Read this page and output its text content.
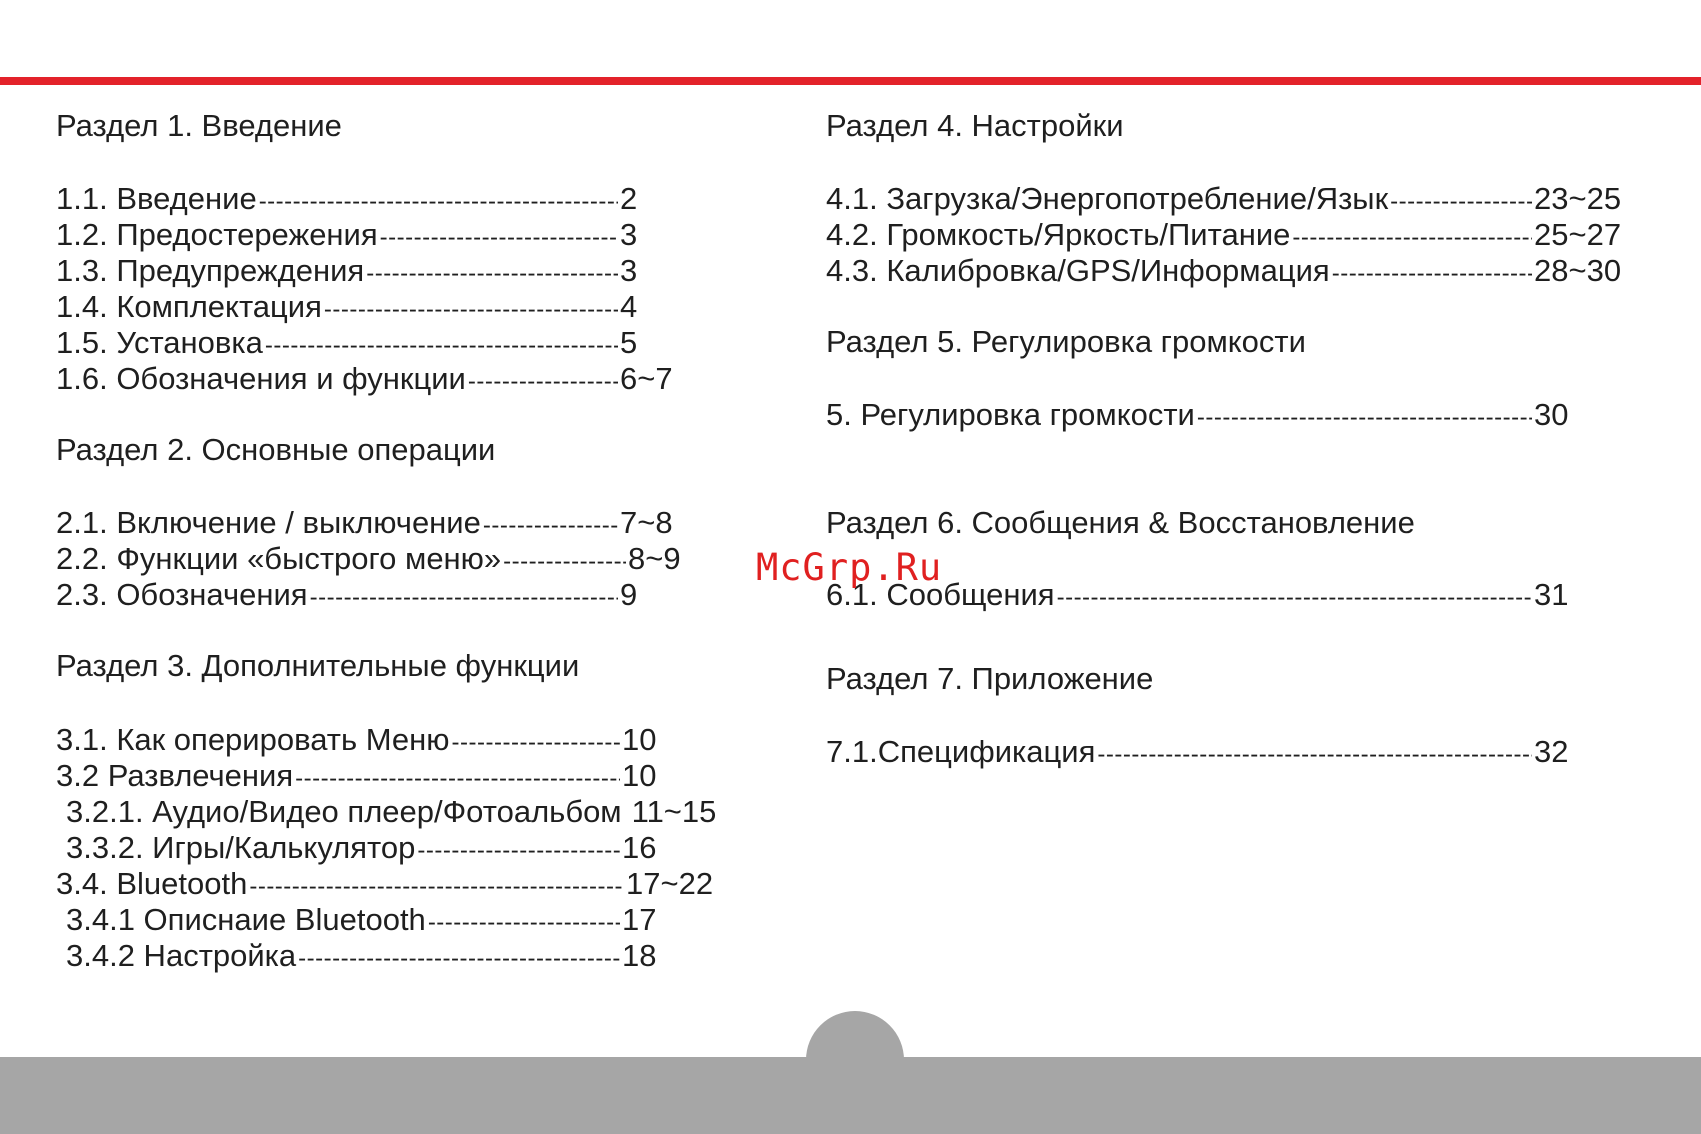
Раздел 1. Введение
1.1. Введение -----	2
1.2. Предостережения -----	3
1.3. Предупреждения -----	3
1.4. Комплектация -----	4
1.5. Установка -----	5
1.6. Обозначения и функции -----	6~7
Раздел 2. Основные операции
2.1. Включение / выключение -----	7~8
2.2. Функции «быстрого меню» -----	8~9
2.3. Обозначения -----	9
Раздел 3. Дополнительные функции
3.1. Как оперировать Меню -----	10
3.2 Развлечения -----	10
3.2.1. Аудио/Видео плеер/Фотоальбом 11~15
3.3.2. Игры/Калькулятор -----	16
3.4. Bluetooth -----	17~22
3.4.1 Описнаие Bluetooth -----	17
3.4.2 Настройка -----	18
Раздел 4. Настройки
4.1. Загрузка/Энергопотребление/Язык -----	23~25
4.2. Громкость/Яркость/Питание -----	25~27
4.3. Калибровка/GPS/Информация -----	28~30
Раздел 5. Регулировка громкости
5. Регулировка громкости -----	30
Раздел 6. Сообщения & Восстановление
6.1. Сообщения -----	31
Раздел 7. Приложение
7.1.Спецификация -----	32
McGrp.Ru
